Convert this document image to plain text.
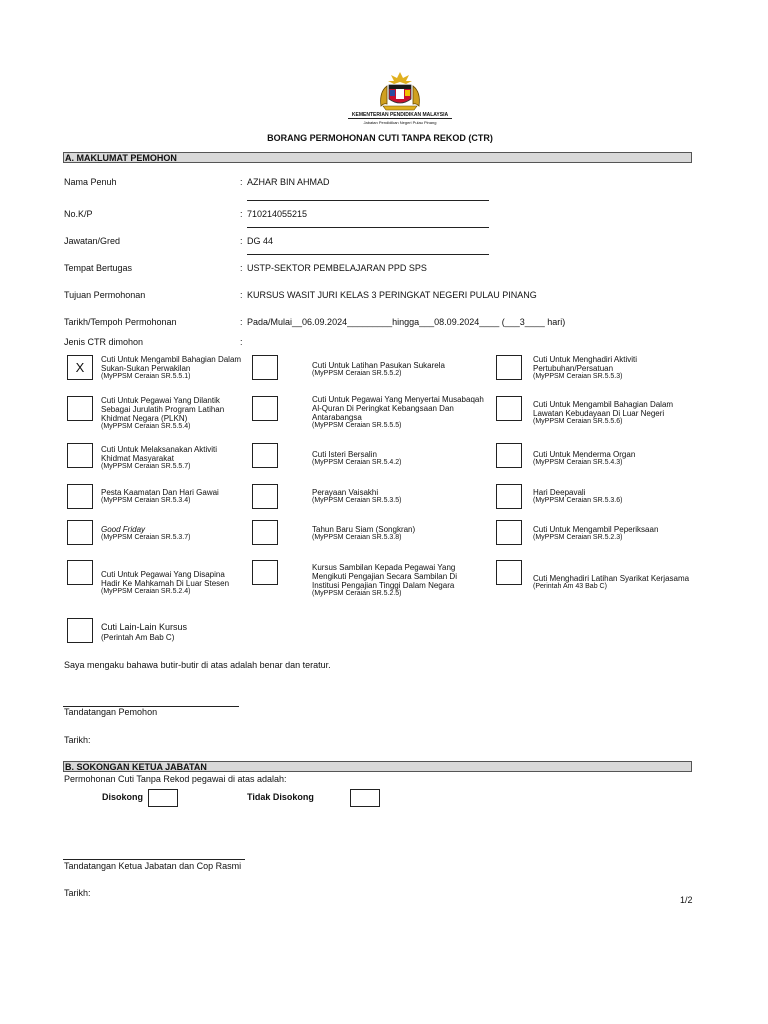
KEMENTERIAN PENDIDIKAN MALAYSIA
Jabatan Pendidikan Negeri Pulau Pinang
BORANG PERMOHONAN CUTI TANPA REKOD (CTR)
A. MAKLUMAT PEMOHON
Nama Penuh	: AZHAR BIN AHMAD
No.K/P	: 710214055215
Jawatan/Gred	: DG 44
Tempat Bertugas	: USTP-SEKTOR PEMBELAJARAN PPD SPS
Tujuan Permohonan	: KURSUS WASIT JURI KELAS 3 PERINGKAT NEGERI PULAU PINANG
Tarikh/Tempoh Permohonan	: Pada/Mulai__06.09.2024_________hingga___08.09.2024____ (___3____ hari)
Jenis CTR dimohon	:
X
Cuti Untuk Mengambil Bahagian Dalam Sukan-Sukan Perwakilan
(MyPPSM Ceraian SR.5.5.1)
Cuti Untuk Pegawai Yang Dilantik Sebagai Jurulatih Program Latihan Khidmat Negara (PLKN)
(MyPPSM Ceraian SR.5.5.4)
Cuti Untuk Melaksanakan Aktiviti Khidmat Masyarakat
(MyPPSM Ceraian SR.5.5.7)
Pesta Kaamatan Dan Hari Gawai
(MyPPSM Ceraian SR.5.3.4)
Good Friday
(MyPPSM Ceraian SR.5.3.7)
Cuti Untuk Pegawai Yang Disapina Hadir Ke Mahkamah Di Luar Stesen
(MyPPSM Ceraian SR.5.2.4)
Cuti Lain-Lain Kursus
(Perintah Am Bab C)
Cuti Untuk Latihan Pasukan Sukarela
(MyPPSM Ceraian SR.5.5.2)
Cuti Untuk Pegawai Yang Menyertai Musabaqah Al-Quran Di Peringkat Kebangsaan Dan Antarabangsa
(MyPPSM Ceraian SR.5.5.5)
Cuti Isteri Bersalin
(MyPPSM Ceraian SR.5.4.2)
Perayaan Vaisakhi
(MyPPSM Ceraian SR.5.3.5)
Tahun Baru Siam (Songkran)
(MyPPSM Ceraian SR.5.3.8)
Kursus Sambilan Kepada Pegawai Yang Mengikuti Pengajian Secara Sambilan Di Institusi Pengajian Tinggi Dalam Negara
(MyPPSM Ceraian SR.5.2.5)
Cuti Untuk Menghadiri Aktiviti Pertubuhan/Persatuan
(MyPPSM Ceraian SR.5.5.3)
Cuti Untuk Mengambil Bahagian Dalam Lawatan Kebudayaan Di Luar Negeri
(MyPPSM Ceraian SR.5.5.6)
Cuti Untuk Menderma Organ
(MyPPSM Ceraian SR.5.4.3)
Hari Deepavali
(MyPPSM Ceraian SR.5.3.6)
Cuti Untuk Mengambil Peperiksaan
(MyPPSM Ceraian SR.5.2.3)
Cuti Menghadiri Latihan Syarikat Kerjasama
(Perintah Am 43 Bab C)
Saya mengaku bahawa butir-butir di atas adalah benar dan teratur.
Tandatangan Pemohon
Tarikh:
B. SOKONGAN KETUA JABATAN
Permohonan Cuti Tanpa Rekod pegawai di atas adalah:
Disokong	Tidak Disokong
Tandatangan Ketua Jabatan dan Cop Rasmi
Tarikh:
1/2
